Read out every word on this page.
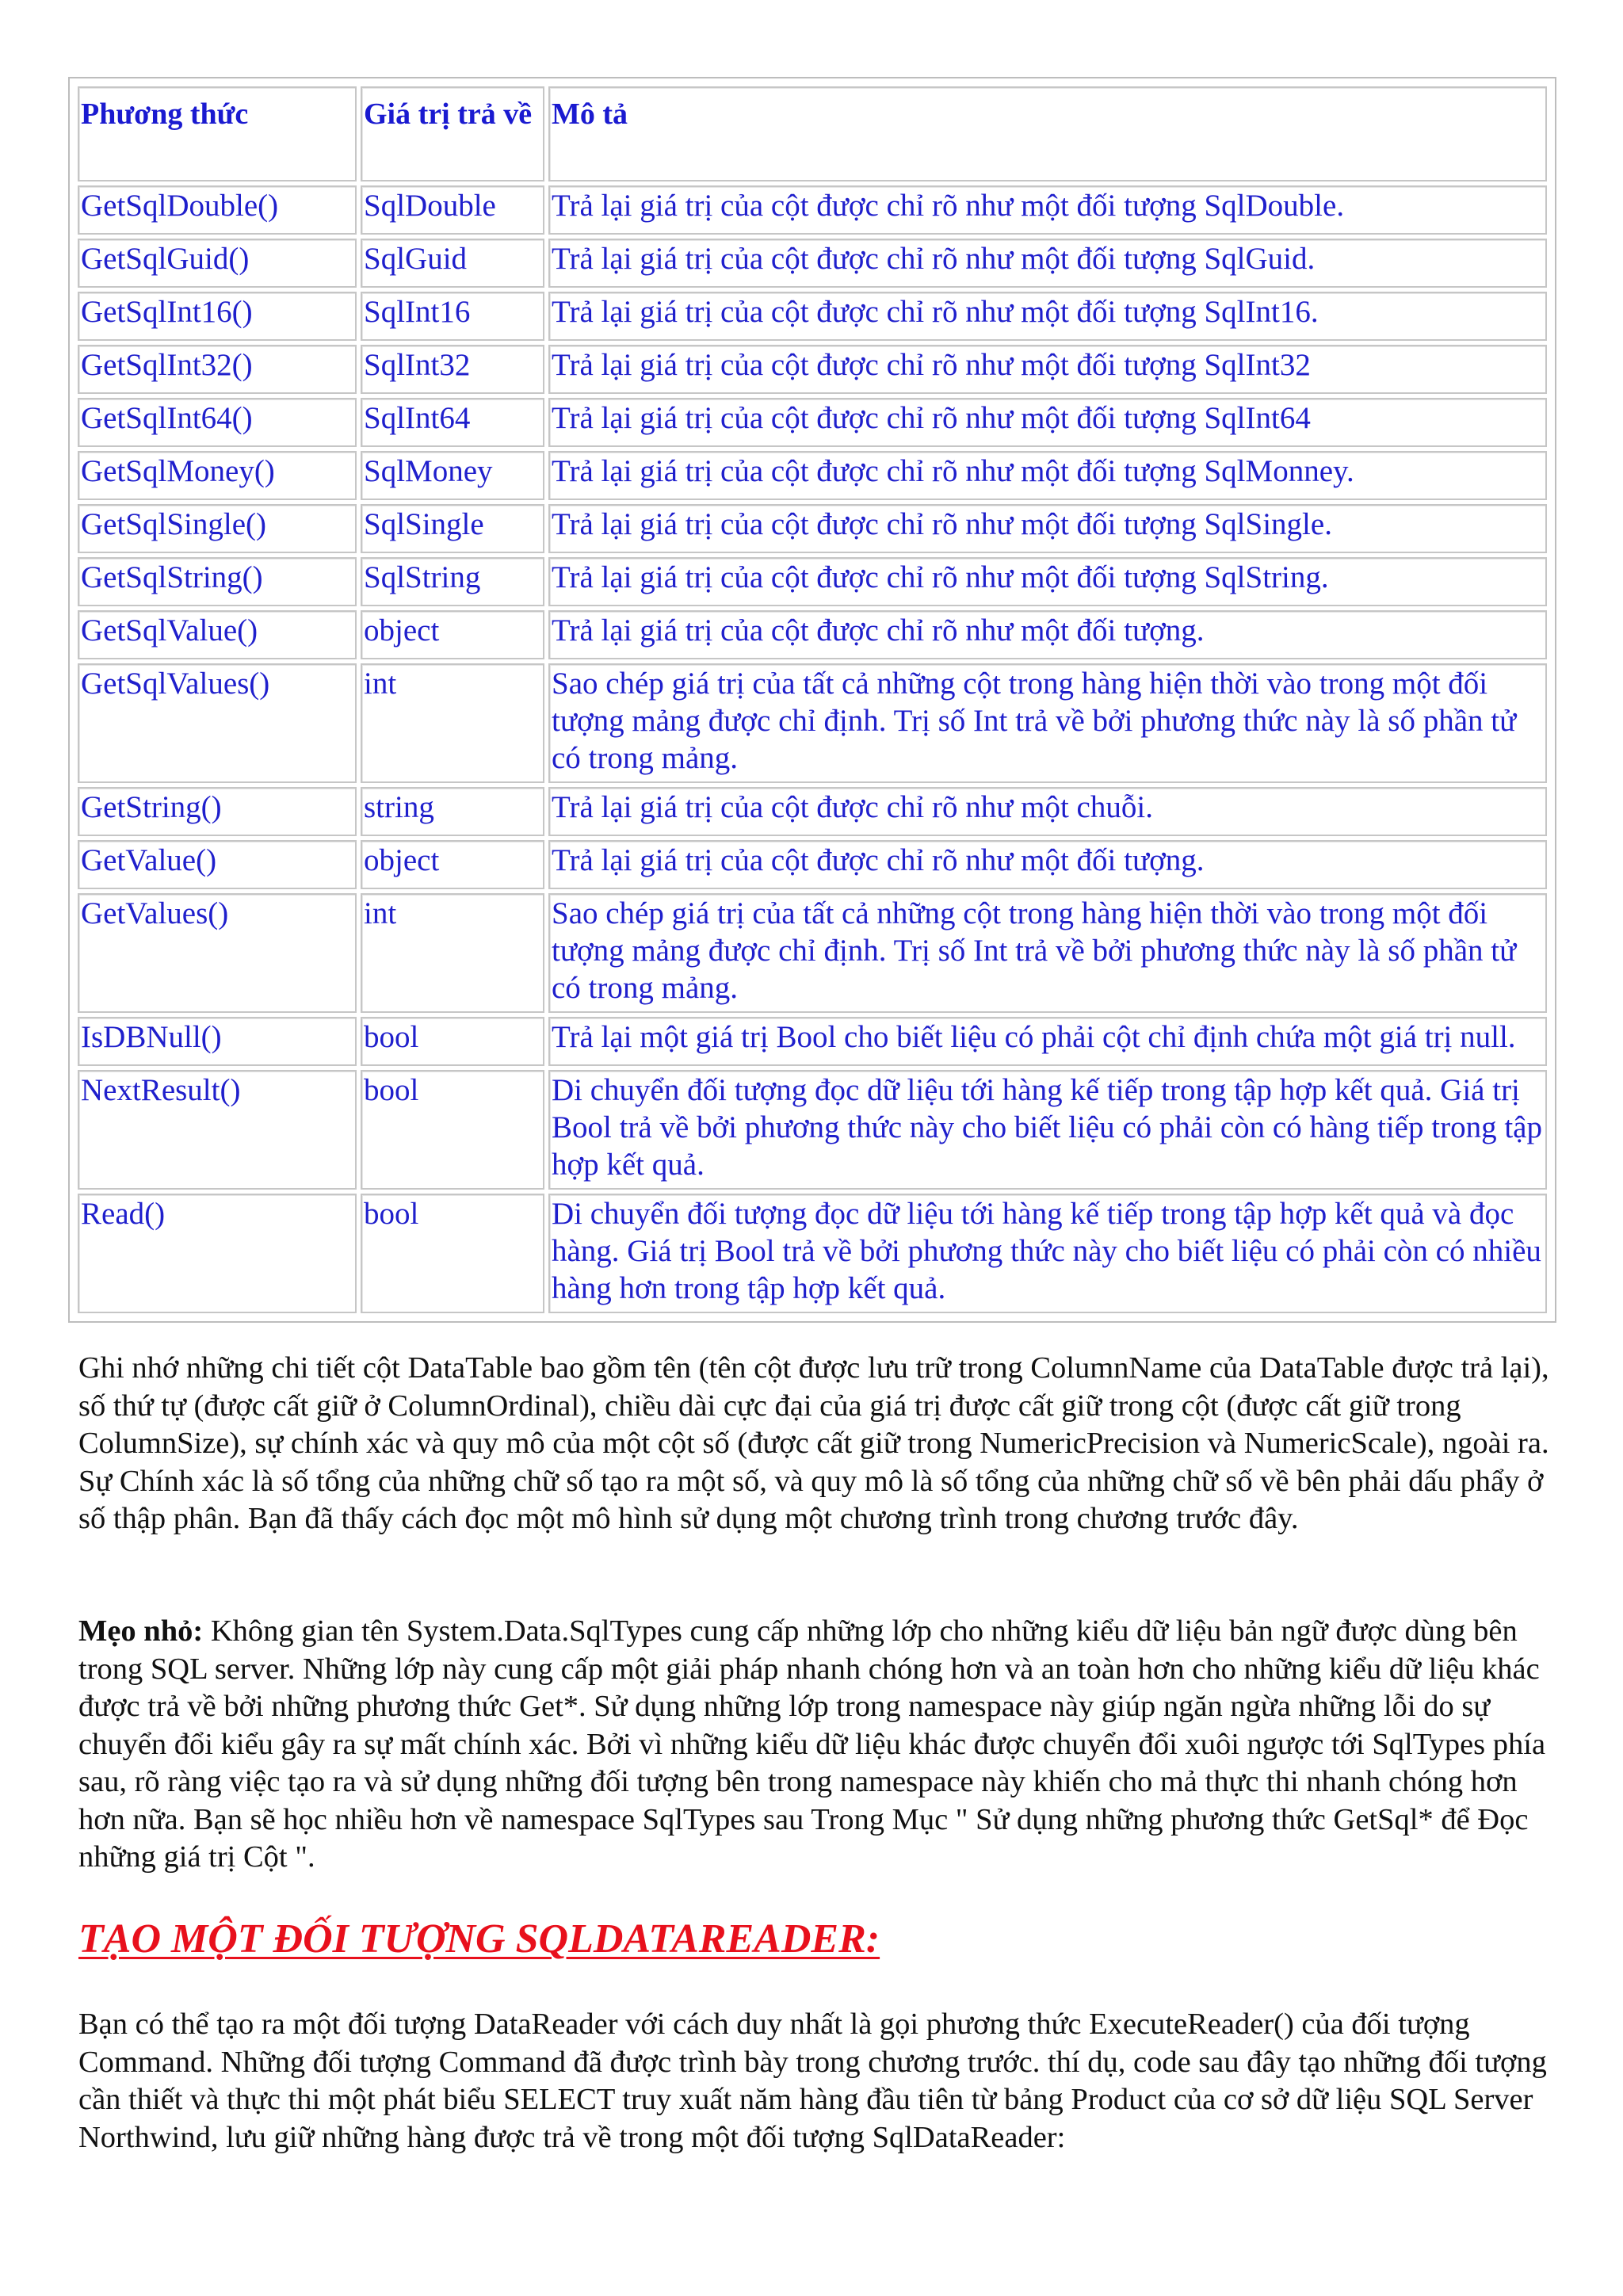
Phương thức	Giá trị trả về	Mô tả
GetSqlDouble()	SqlDouble	Trả lại giá trị của cột được chỉ rõ như một đối tượng SqlDouble.
GetSqlGuid()	SqlGuid	Trả lại giá trị của cột được chỉ rõ như một đối tượng SqlGuid.
GetSqlInt16()	SqlInt16	Trả lại giá trị của cột được chỉ rõ như một đối tượng SqlInt16.
GetSqlInt32()	SqlInt32	Trả lại giá trị của cột được chỉ rõ như một đối tượng SqlInt32
GetSqlInt64()	SqlInt64	Trả lại giá trị của cột được chỉ rõ như một đối tượng SqlInt64
GetSqlMoney()	SqlMoney	Trả lại giá trị của cột được chỉ rõ như một đối tượng SqlMonney.
GetSqlSingle()	SqlSingle	Trả lại giá trị của cột được chỉ rõ như một đối tượng SqlSingle.
GetSqlString()	SqlString	Trả lại giá trị của cột được chỉ rõ như một đối tượng SqlString.
GetSqlValue()	object	Trả lại giá trị của cột được chỉ rõ như một đối tượng.
GetSqlValues()	int	Sao chép giá trị của tất cả những cột trong hàng hiện thời vào trong một đối tượng mảng được chỉ định. Trị số Int trả về bởi phương thức này là số phần tử có trong mảng.
GetString()	string	Trả lại giá trị của cột được chỉ rõ như một chuỗi.
GetValue()	object	Trả lại giá trị của cột được chỉ rõ như một đối tượng.
GetValues()	int	Sao chép giá trị của tất cả những cột trong hàng hiện thời vào trong một đối tượng mảng được chỉ định. Trị số Int trả về bởi phương thức này là số phần tử có trong mảng.
IsDBNull()	bool	Trả lại một giá trị Bool cho biết liệu có phải cột chỉ định chứa một giá trị null.
NextResult()	bool	Di chuyển đối tượng đọc dữ liệu tới hàng kế tiếp trong tập hợp kết quả. Giá trị Bool trả về bởi phương thức này cho biết liệu có phải còn có hàng tiếp trong tập hợp kết quả.
Read()	bool	Di chuyển đối tượng đọc dữ liệu tới hàng kế tiếp trong tập hợp kết quả và đọc hàng. Giá trị Bool trả về bởi phương thức này cho biết liệu có phải còn có nhiều hàng hơn trong tập hợp kết quả.

Ghi nhớ những chi tiết cột DataTable bao gồm tên (tên cột được lưu trữ trong ColumnName của DataTable được trả lại), số thứ tự (được cất giữ ở ColumnOrdinal), chiều dài cực đại của giá trị được cất giữ trong cột (được cất giữ trong ColumnSize), sự chính xác và quy mô của một cột số (được cất giữ trong NumericPrecision và NumericScale), ngoài ra. Sự Chính xác là số tổng của những chữ số tạo ra một số, và quy mô là số tổng của những chữ số về bên phải dấu phẩy ở số thập phân. Bạn đã thấy cách đọc một mô hình sử dụng một chương trình trong chương trước đây.

Mẹo nhỏ: Không gian tên System.Data.SqlTypes cung cấp những lớp cho những kiểu dữ liệu bản ngữ được dùng bên trong SQL server. Những lớp này cung cấp một giải pháp nhanh chóng hơn và an toàn hơn cho những kiểu dữ liệu khác được trả về bởi những phương thức Get*. Sử dụng những lớp trong namespace này giúp ngăn ngừa những lỗi do sự chuyển đổi kiểu gây ra sự mất chính xác. Bởi vì những kiểu dữ liệu khác được chuyển đổi xuôi ngược tới SqlTypes phía sau, rõ ràng việc tạo ra và sử dụng những đối tượng bên trong namespace này khiến cho mả thực thi nhanh chóng hơn hơn nữa. Bạn sẽ học nhiều hơn về namespace SqlTypes sau Trong Mục " Sử dụng những phương thức GetSql* để Đọc những giá trị Cột ".

TẠO MỘT ĐỐI TƯỢNG SQLDATAREADER:

Bạn có thể tạo ra một đối tượng DataReader với cách duy nhất là gọi phương thức ExecuteReader() của đối tượng Command. Những đối tượng Command đã được trình bày trong chương trước. thí dụ, code sau đây tạo những đối tượng cần thiết và thực thi một phát biểu SELECT truy xuất năm hàng đầu tiên từ bảng Product của cơ sở dữ liệu SQL Server Northwind, lưu giữ những hàng được trả về trong một đối tượng SqlDataReader:
